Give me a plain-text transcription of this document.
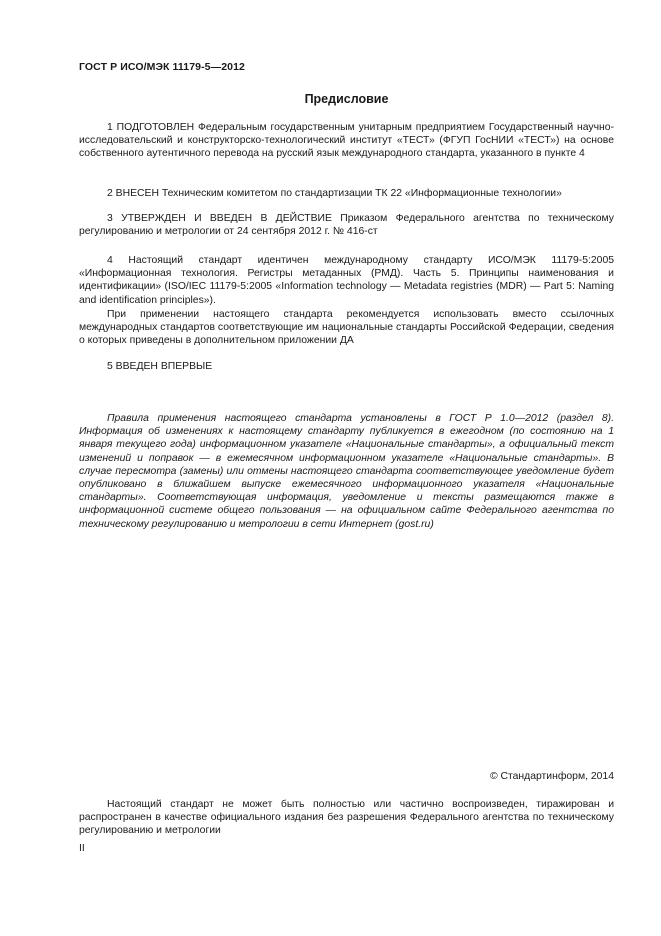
ГОСТ Р ИСО/МЭК 11179-5—2012
Предисловие

1 ПОДГОТОВЛЕН Федеральным государственным унитарным предприятием Государственный научно-исследовательский и конструкторско-технологический институт «ТЕСТ» (ФГУП ГосНИИ «ТЕСТ») на основе собственного аутентичного перевода на русский язык международного стандарта, указанного в пункте 4

2 ВНЕСЕН Техническим комитетом по стандартизации ТК 22 «Информационные технологии»

3 УТВЕРЖДЕН И ВВЕДЕН В ДЕЙСТВИЕ Приказом Федерального агентства по техническому регулированию и метрологии от 24 сентября 2012 г. № 416-ст

4 Настоящий стандарт идентичен международному стандарту ИСО/МЭК 11179-5:2005 «Информационная технология. Регистры метаданных (РМД). Часть 5. Принципы наименования и идентификации» (ISO/IEC 11179-5:2005 «Information technology — Metadata registries (MDR) — Part 5: Naming and identification principles»).

При применении настоящего стандарта рекомендуется использовать вместо ссылочных международных стандартов соответствующие им национальные стандарты Российской Федерации, сведения о которых приведены в дополнительном приложении ДА

5 ВВЕДЕН ВПЕРВЫЕ

Правила применения настоящего стандарта установлены в ГОСТ Р 1.0—2012 (раздел 8). Информация об изменениях к настоящему стандарту публикуется в ежегодном (по состоянию на 1 января текущего года) информационном указателе «Национальные стандарты», а официальный текст изменений и поправок — в ежемесячном информационном указателе «Национальные стандарты». В случае пересмотра (замены) или отмены настоящего стандарта соответствующее уведомление будет опубликовано в ближайшем выпуске ежемесячного информационного указателя «Национальные стандарты». Соответствующая информация, уведомление и тексты размещаются также в информационной системе общего пользования — на официальном сайте Федерального агентства по техническому регулированию и метрологии в сети Интернет (gost.ru)

© Стандартинформ, 2014

Настоящий стандарт не может быть полностью или частично воспроизведен, тиражирован и распространен в качестве официального издания без разрешения Федерального агентства по техническому регулированию и метрологии

II
